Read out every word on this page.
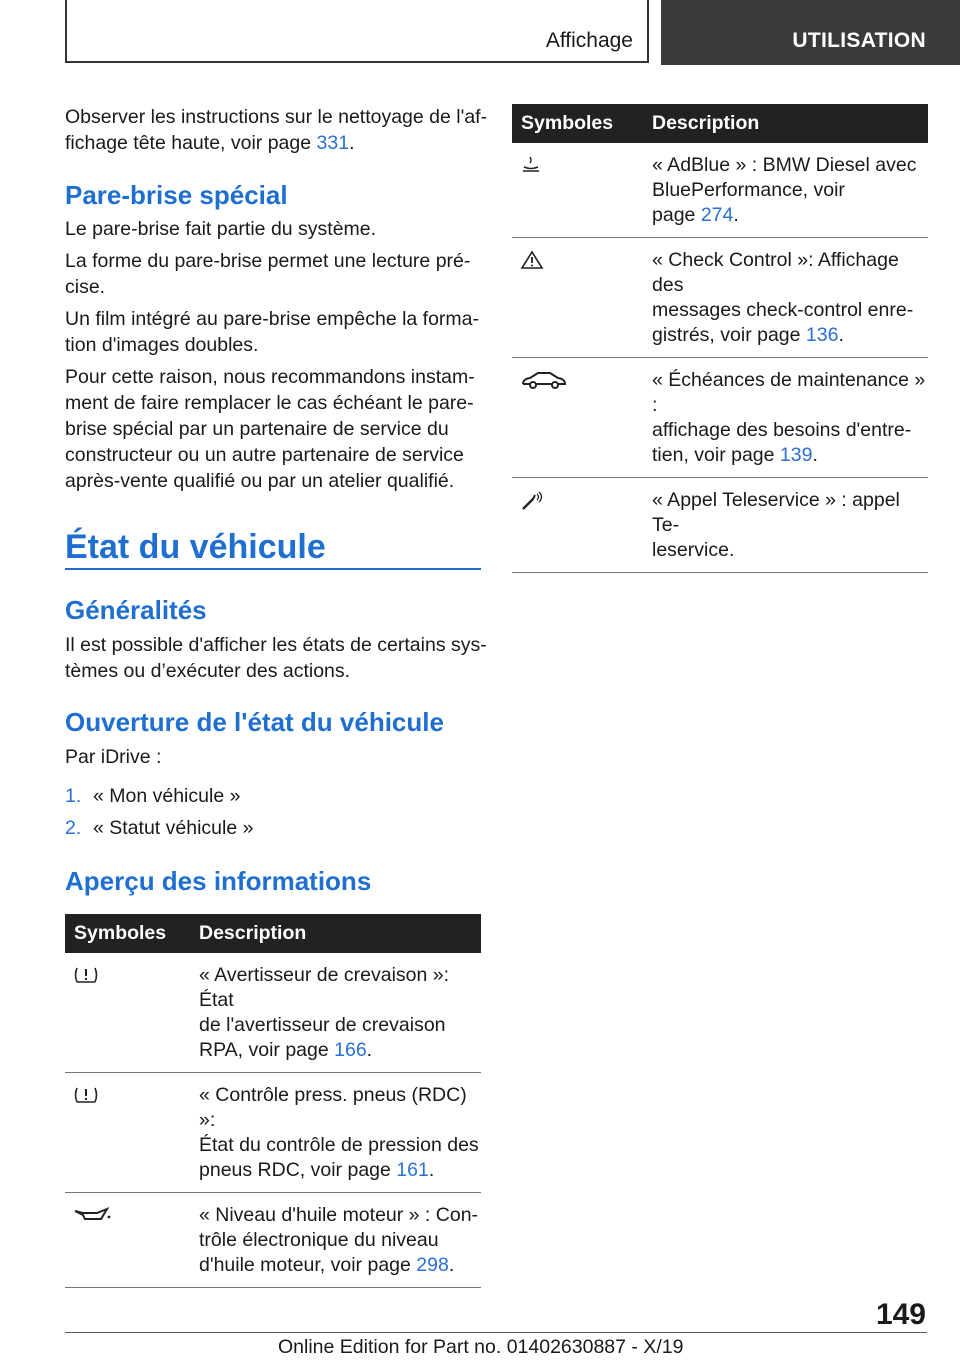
Affichage	UTILISATION

Observer les instructions sur le nettoyage de l'af-

fichage tête haute, voir page 331.

Pare-brise spécial

Le pare-brise fait partie du système.

La forme du pare-brise permet une lecture pré-

cise.

Un film intégré au pare-brise empêche la forma-

tion d'images doubles.

Pour cette raison, nous recommandons instam-

ment de faire remplacer le cas échéant le pare-

brise spécial par un partenaire de service du

constructeur ou un autre partenaire de service

après-vente qualifié ou par un atelier qualifié.

État du véhicule
Généralités

Il est possible d'afficher les états de certains sys-

tèmes ou d’exécuter des actions.

Ouverture de l'état du véhicule

Par iDrive :

1. « Mon véhicule »
2. « Statut véhicule »
Aperçu des informations
Symboles	Description

« Avertisseur de crevaison »: État
de l'avertisseur de crevaison
RPA, voir page 166.

« Contrôle press. pneus (RDC) »:
État du contrôle de pression des
pneus RDC, voir page 161.

« Niveau d'huile moteur » : Con-
trôle électronique du niveau
d'huile moteur, voir page 298.
Symboles	Description

« AdBlue » : BMW Diesel avec
BluePerformance, voir
page 274.

« Check Control »: Affichage des
messages check-control enre-
gistrés, voir page 136.

« Échéances de maintenance » :
affichage des besoins d'entre-
tien, voir page 139.

« Appel Teleservice » : appel Te-
leservice.
149
Online Edition for Part no. 01402630887 - X/19
